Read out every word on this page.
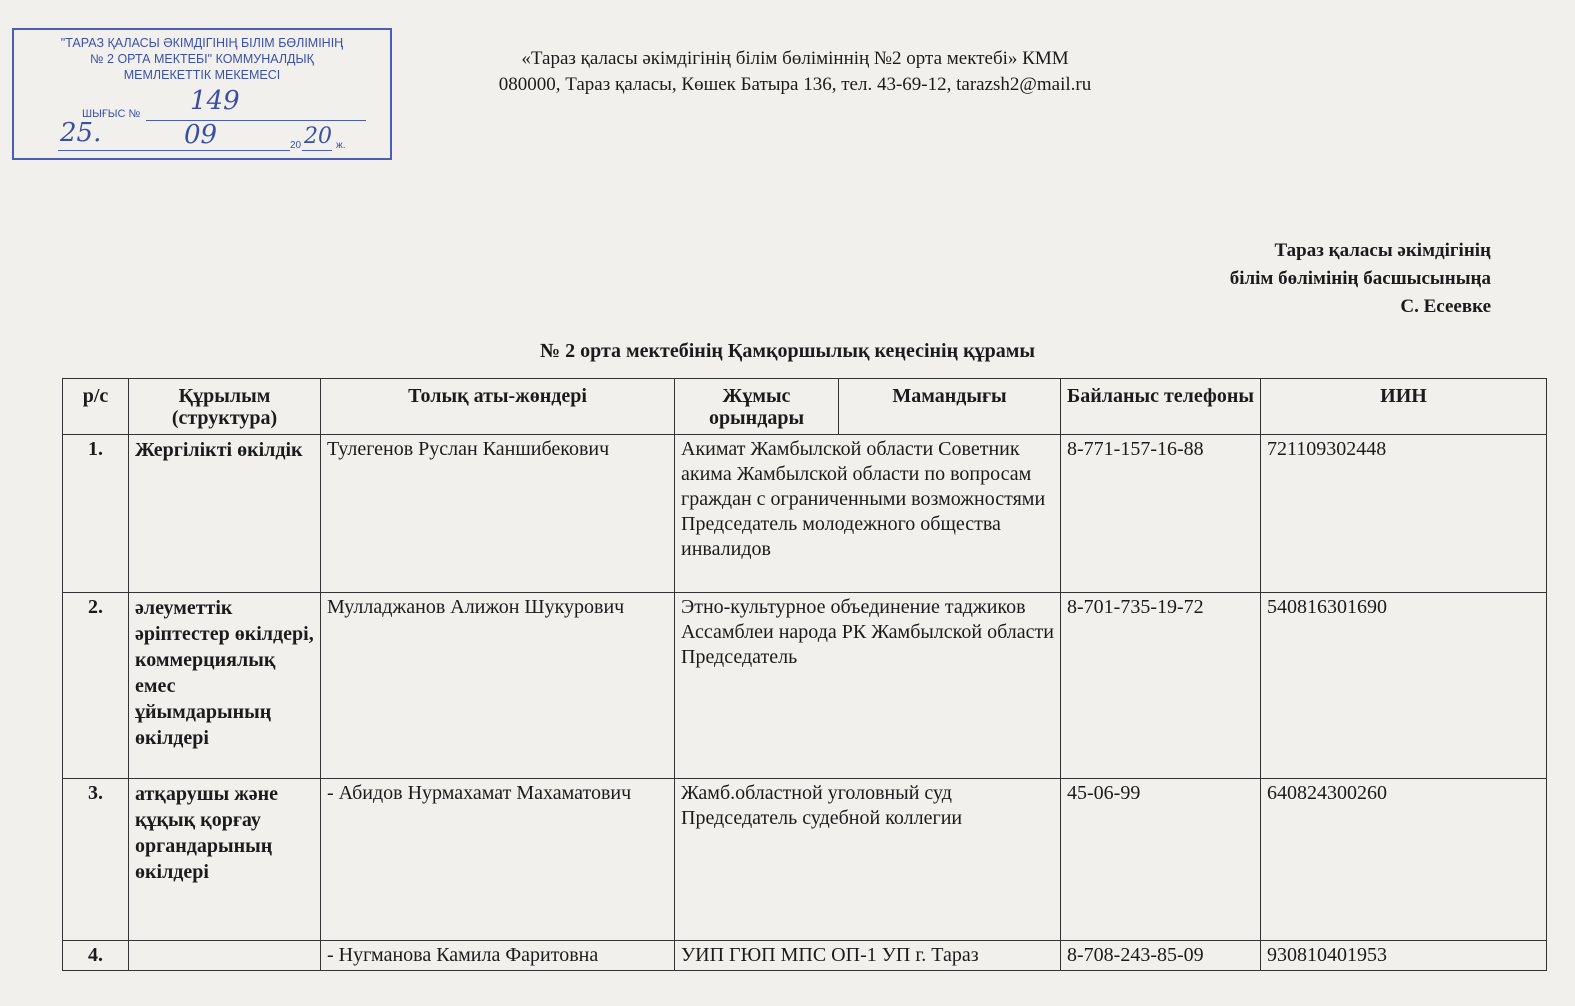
"ТАРАЗ ҚАЛАСЫ ӘКІМДІГІНІҢ БІЛІМ БӨЛІМІНІҢ
№ 2 ОРТА МЕКТЕБІ" КОММУНАЛДЫҚ
МЕМЛЕКЕТТІК МЕКЕМЕСІ
ШЫҒЫС № 149
25.	09	20 20 ж.
«Тараз қаласы әкімдігінің білім бөліміннің №2 орта мектебі» КММ
080000, Тараз қаласы, Көшек Батыра 136, тел. 43-69-12, tarazsh2@mail.ru
Тараз қаласы әкімдігінің
білім бөлімінің басшысыныңа
С. Есеевке
№ 2 орта мектебінің Қамқоршылық кеңесінің құрамы
р/с	Құрылым (структура)	Толық аты-жөндері	Жұмыс орындары	Мамандығы	Байланыс телефоны	ИИН
1.	Жергілікті өкілдік	Тулегенов Руслан Каншибекович	Акимат Жамбылской области Советник акима Жамбылской области по вопросам граждан с ограниченными возможностями Председатель молодежного общества инвалидов		8-771-157-16-88	721109302448
2.	әлеуметтік әріптестер өкілдері, коммерциялық емес ұйымдарының өкілдері	Мулладжанов Алижон Шукурович	Этно-культурное объединение таджиков Ассамблеи народа РК Жамбылской области Председатель		8-701-735-19-72	540816301690
3.	атқарушы және құқық қорғау органдарының өкілдері	- Абидов Нурмахамат Махаматович	Жамб.областной уголовный суд Председатель судебной коллегии		45-06-99	640824300260
4.		- Нугманова Камила Фаритовна	УИП ГЮП МПС ОП-1 УП г. Тараз		8-708-243-85-09	930810401953
